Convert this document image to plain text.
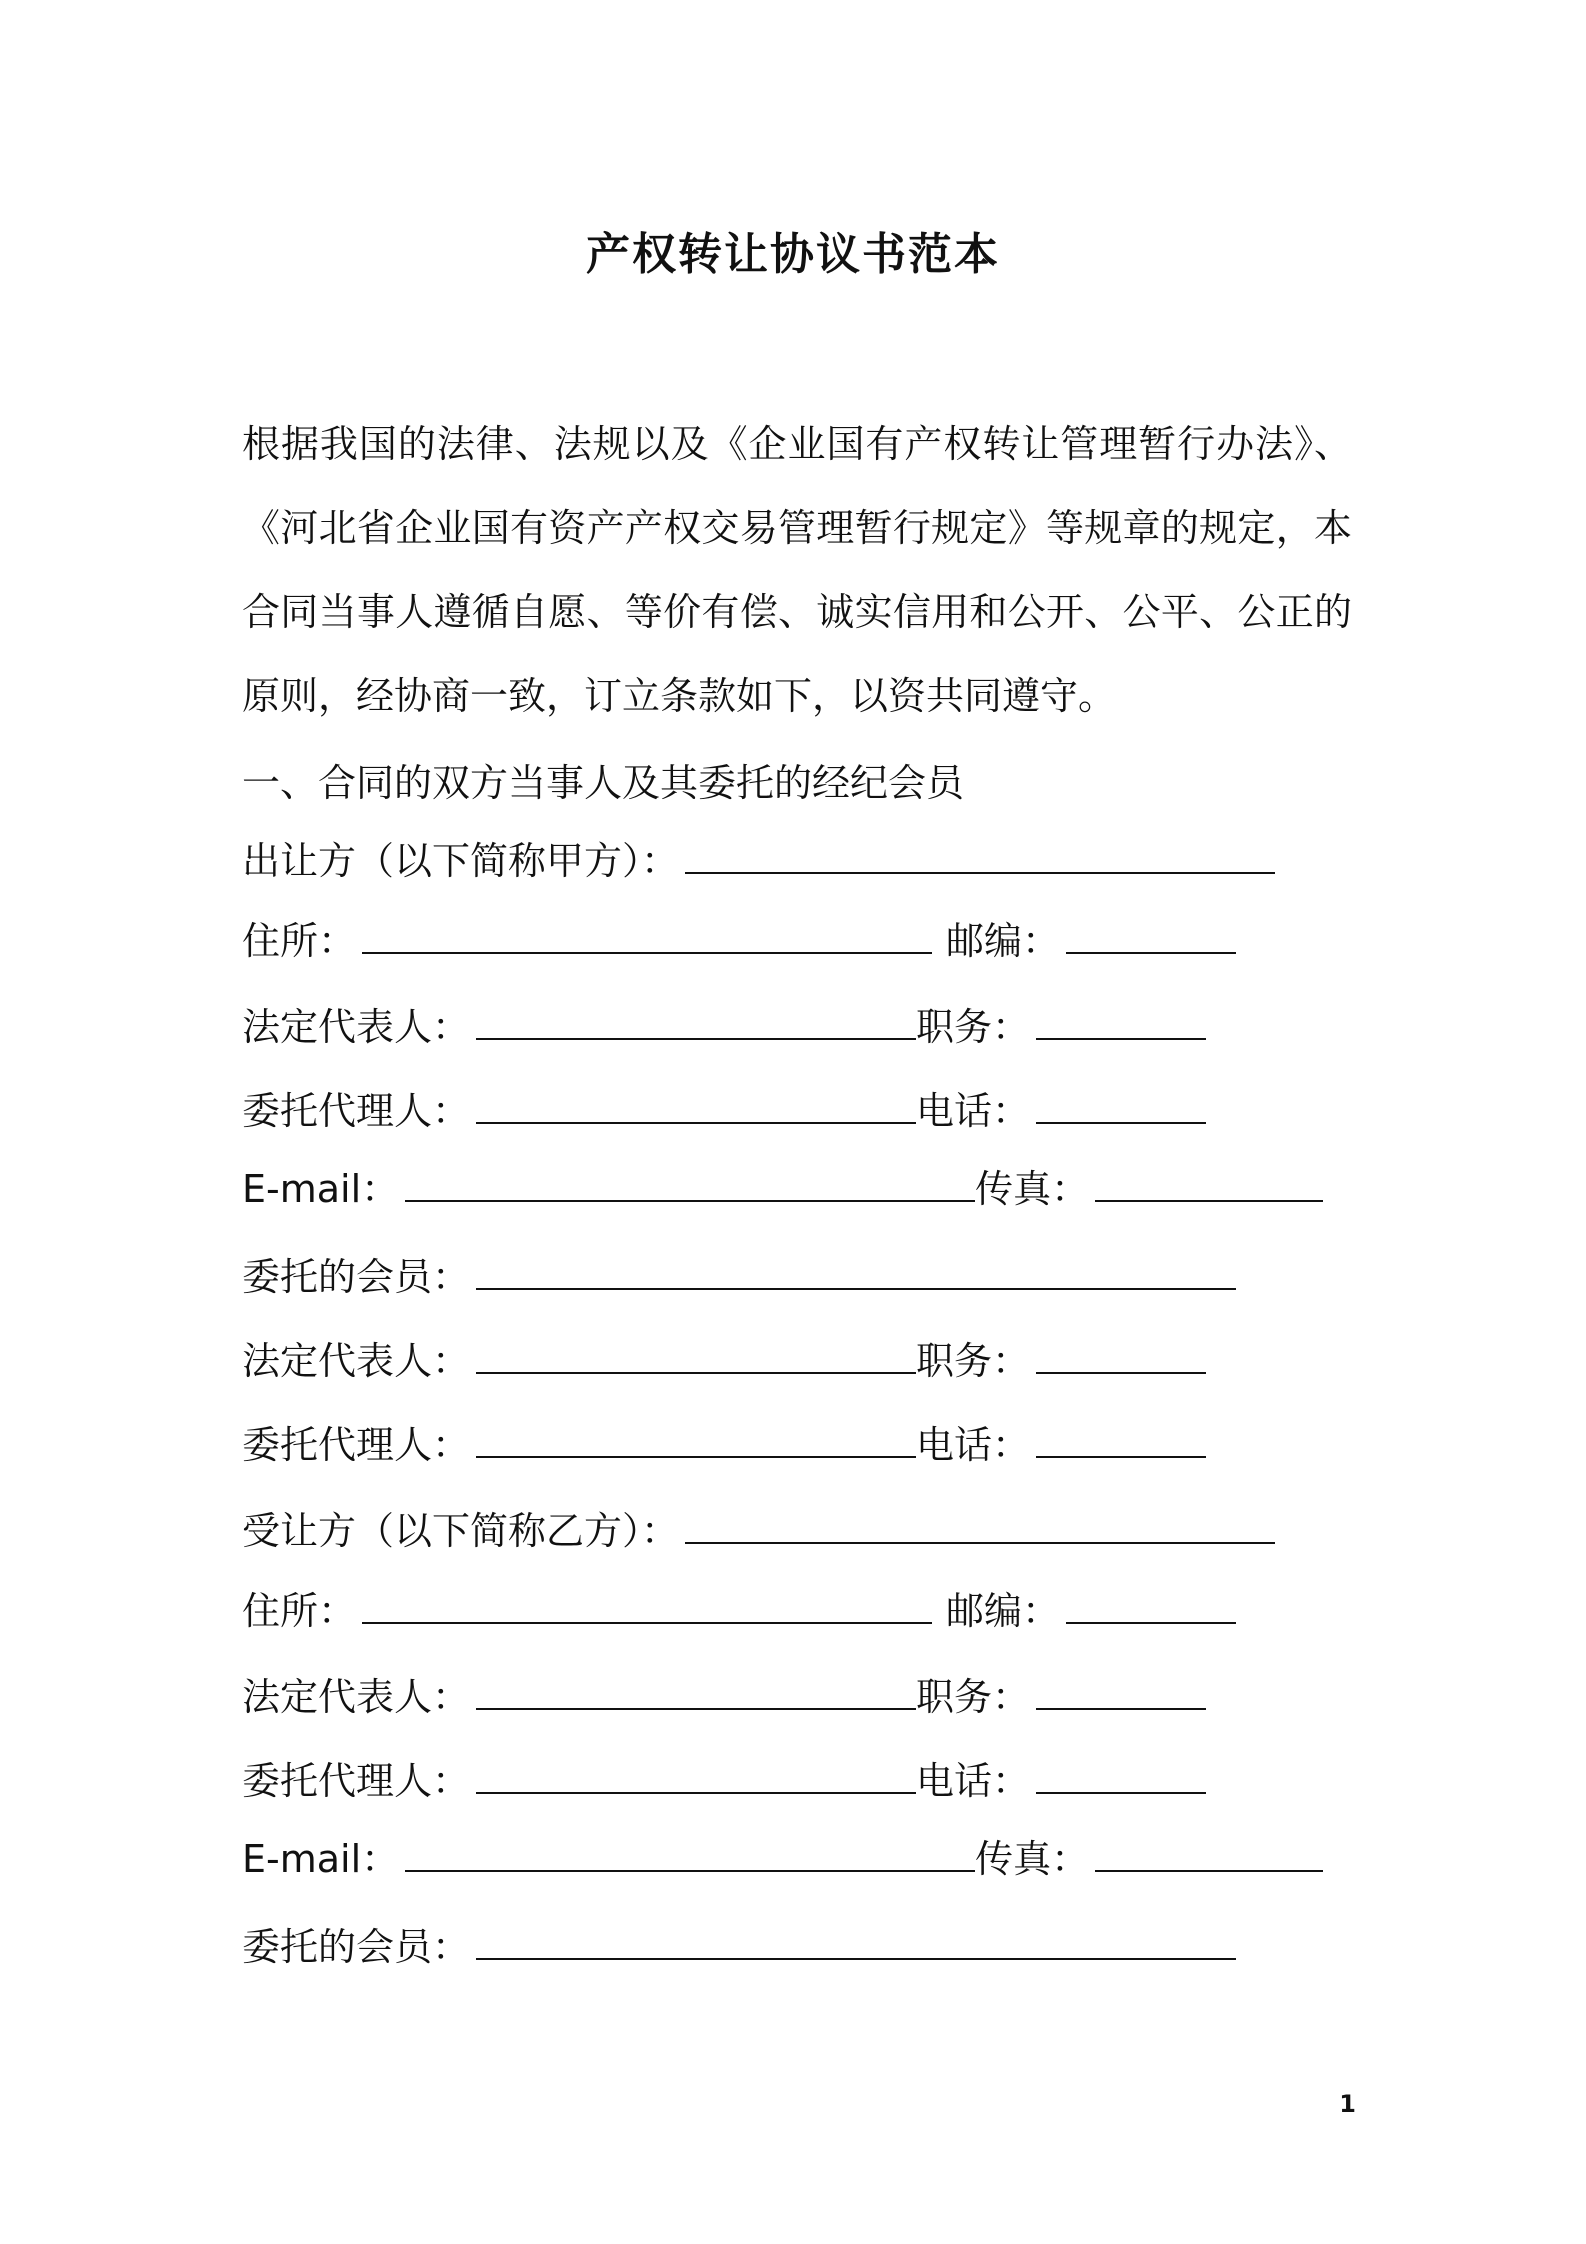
产权转让协议书范本

根据我国的法律、法规以及《企业国有产权转让管理暂行办法》、《河北省企业国有资产产权交易管理暂行规定》等规章的规定，本合同当事人遵循自愿、等价有偿、诚实信用和公开、公平、公正的原则，经协商一致，订立条款如下，以资共同遵守。

一、合同的双方当事人及其委托的经纪会员
出让方（以下简称甲方）：
住所：	邮编：
法定代表人：	职务：
委托代理人：	电话：
E-mail：	传真：
委托的会员：
法定代表人：	职务：
委托代理人：	电话：
受让方（以下简称乙方）：
住所：	邮编：
法定代表人：	职务：
委托代理人：	电话：
E-mail：	传真：
委托的会员：
1
